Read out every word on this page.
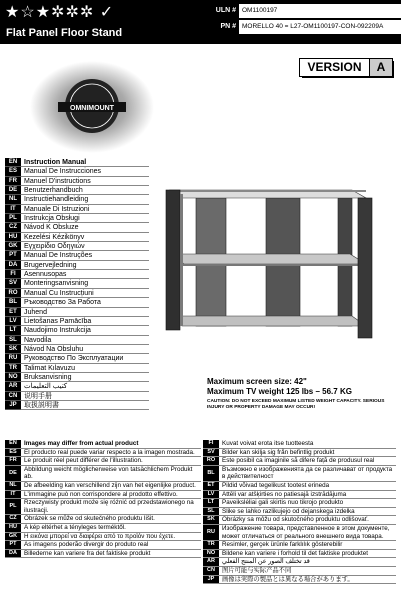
★☆★✲✲✲ ✓
Flat Panel Floor Stand
ULN # OM1100197
PN # MORELLO 40 = L27-OM1100197-CON-092209A
VERSION	A
OMNIMOUNT
EN Instruction Manual
ES	Manual De Instrucciones
FR	Manuel D'instructions
DE Benutzerhandbuch
NL	Instructiehandleiding
IT	Manuale Di Istruzioni
PL	Instrukcja Obsługi
CZ	Návod K Obsluze
HU Kezelési Kézikönyv
GK Εγχειρίδιο Οδηγιών
PT	Manual De Instruções
DA Brugervejledning
FI	Asennusopas
SV	Monteringsanvisning
RO Manual Cu Instrucțiuni
BL	Ръководство За Работа
ET	Juhend
LV	Lietošanas Pamācība
LT	Naudojimo Instrukcija
SL	Navodila
SK Návod Na Obsluhu
RU Руководство По Эксплуатации
TR	Talimat Kılavuzu
NO Bruksanvisning
AR كتيب التعليمات
CN 说明手册
JP	取扱説明書
Maximum screen size: 42"
Maximum TV weight 125 lbs – 56.7 KG
CAUTION: DO NOT EXCEED MAXIMUM LISTED WEIGHT CAPACITY. SERIOUS INJURY OR PROPERTY DAMAGE MAY OCCUR!
EN	Images may differ from actual product
ES	El producto real puede variar respecto a la imagen mostrada.
FR	Le produit réel peut différer de l'illustration.
DE	Abbildung weicht möglicherweise von tatsächlichem Produkt ab.
NL	De afbeelding kan verschillend zijn van het eigenlijke product.
IT	L'immagine può non corrispondere al prodotto effettivo.
PL	Rzeczywisty produkt może się różnić od przedstawionego na ilustracji.
CZ	Obrázek se může od skutečného produktu lišit.
HU	A kép eltérhet a tényleges terméktől.
GK	Η εικόνα μπορεί να διαφέρει από το προϊόν που έχετε.
PT	As imagens poderão divergir do produto real
DA	Billederne kan variere fra det faktiske produkt
FI	Kuvat voivat erota itse tuotteesta
SV	Bilder kan skilja sig från befintlig produkt
RO	Este posibil ca imaginile să difere față de produsul real
BL	Възможно е изображенията да се различават от продукта в действителност
ET	Pildid võivad tegelikust tootest erineda
LV	Attēli var atšķirties no patiesajā izstrādājuma
LT	Paveikslėliai gali skirtis nuo tikrojo produkto
SL	Slike se lahko razlikujejo od dejanskega izdelka
SK	Obrázky sa môžu od skutočného produktu odlišovať.
RU	Изображение товара, представленное в этом документе, может отличаться от реального внешнего вида товара.
TR	Resimler, gerçek ürünle farklılık gösterebilir
NO	Bildene kan variere i forhold til det faktiske produktet
AR	قد تختلف الصور عن المنتج الفعلي
CN	图片可能与实际产品不同
JP	画像は実際の製品とは異なる場合があります。
